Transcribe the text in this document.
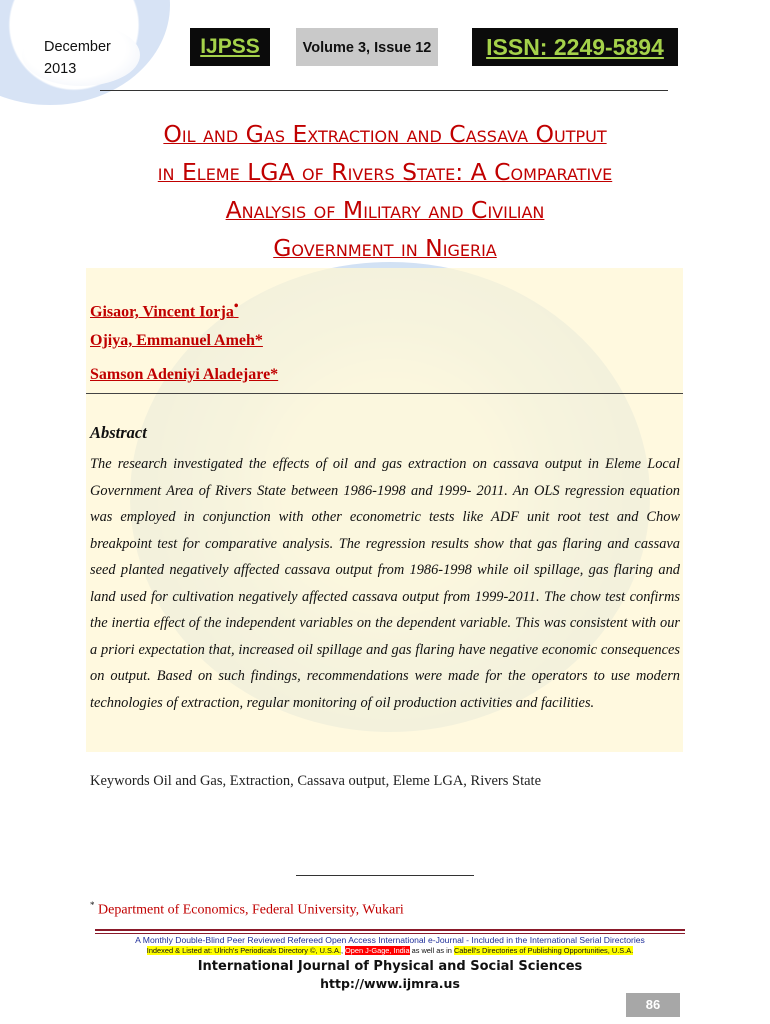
December
2013
IJPSS	Volume 3, Issue 12	ISSN: 2249-5894
Oil and Gas Extraction and Cassava Output
in Eleme LGA of Rivers State: A Comparative
Analysis of Military and Civilian
Government in Nigeria
Gisaor, Vincent Iorja•
Ojiya, Emmanuel Ameh*
Samson Adeniyi Aladejare*
Abstract
The research investigated the effects of oil and gas extraction on cassava output in Eleme Local Government Area of Rivers State between 1986-1998 and 1999- 2011. An OLS regression equation was employed in conjunction with other econometric tests like ADF unit root test and Chow breakpoint test for comparative analysis. The regression results show that gas flaring and cassava seed planted negatively affected cassava output from 1986-1998 while oil spillage, gas flaring and land used for cultivation negatively affected cassava output from 1999-2011. The chow test confirms the inertia effect of the independent variables on the dependent variable. This was consistent with our a priori expectation that, increased oil spillage and gas flaring have negative economic consequences on output. Based on such findings, recommendations were made for the operators to use modern technologies of extraction, regular monitoring of oil production activities and facilities.
Keywords Oil and Gas, Extraction, Cassava output, Eleme LGA, Rivers State
* Department of Economics, Federal University, Wukari
A Monthly Double-Blind Peer Reviewed Refereed Open Access International e-Journal - Included in the International Serial Directories
Indexed & Listed at: Ulrich's Periodicals Directory ©, U.S.A., Open J-Gage, India as well as in Cabell's Directories of Publishing Opportunities, U.S.A.
International Journal of Physical and Social Sciences
http://www.ijmra.us
86
